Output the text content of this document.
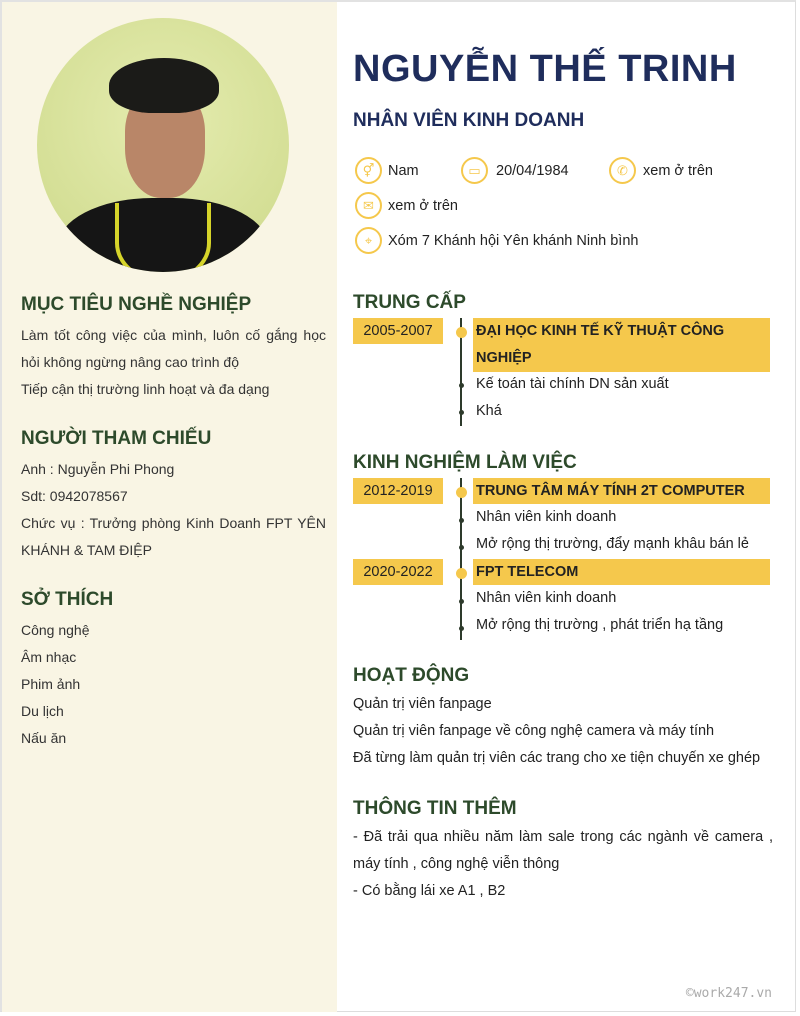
MỤC TIÊU NGHỀ NGHIỆP
Làm tốt công việc của mình, luôn cố gắng học hỏi không ngừng nâng cao trình độ
Tiếp cận thị trường linh hoạt và đa dạng
NGƯỜI THAM CHIẾU
Anh : Nguyễn Phi Phong
Sdt: 0942078567
Chức vụ : Trưởng phòng Kinh Doanh FPT YÊN KHÁNH & TAM ĐIỆP
SỞ THÍCH
Công nghệ
Âm nhạc
Phim ảnh
Du lịch
Nấu ăn
NGUYỄN THẾ TRINH
NHÂN VIÊN KINH DOANH
⚥ Nam	▭	20/04/1984	✆	xem ở trên
✉ xem ở trên
⌖	Xóm 7 Khánh hội Yên khánh Ninh bình
TRUNG CẤP
2005-2007	ĐẠI HỌC KINH TẾ KỸ THUẬT CÔNG NGHIỆP
Kế toán tài chính DN sản xuất
Khá
KINH NGHIỆM LÀM VIỆC
2012-2019	TRUNG TÂM MÁY TÍNH 2T COMPUTER
Nhân viên kinh doanh
Mở rộng thị trường, đẩy mạnh khâu bán lẻ
2020-2022	FPT TELECOM
Nhân viên kinh doanh
Mở rộng thị trường , phát triển hạ tầng
HOẠT ĐỘNG
Quản trị viên fanpage
Quản trị viên fanpage về công nghệ camera và máy tính
Đã từng làm quản trị viên các trang cho xe tiện chuyến xe ghép
THÔNG TIN THÊM
- Đã trải qua nhiều năm làm sale trong các ngành về camera , máy tính , công nghệ viễn thông
- Có bằng lái xe A1 , B2
©work247.vn
